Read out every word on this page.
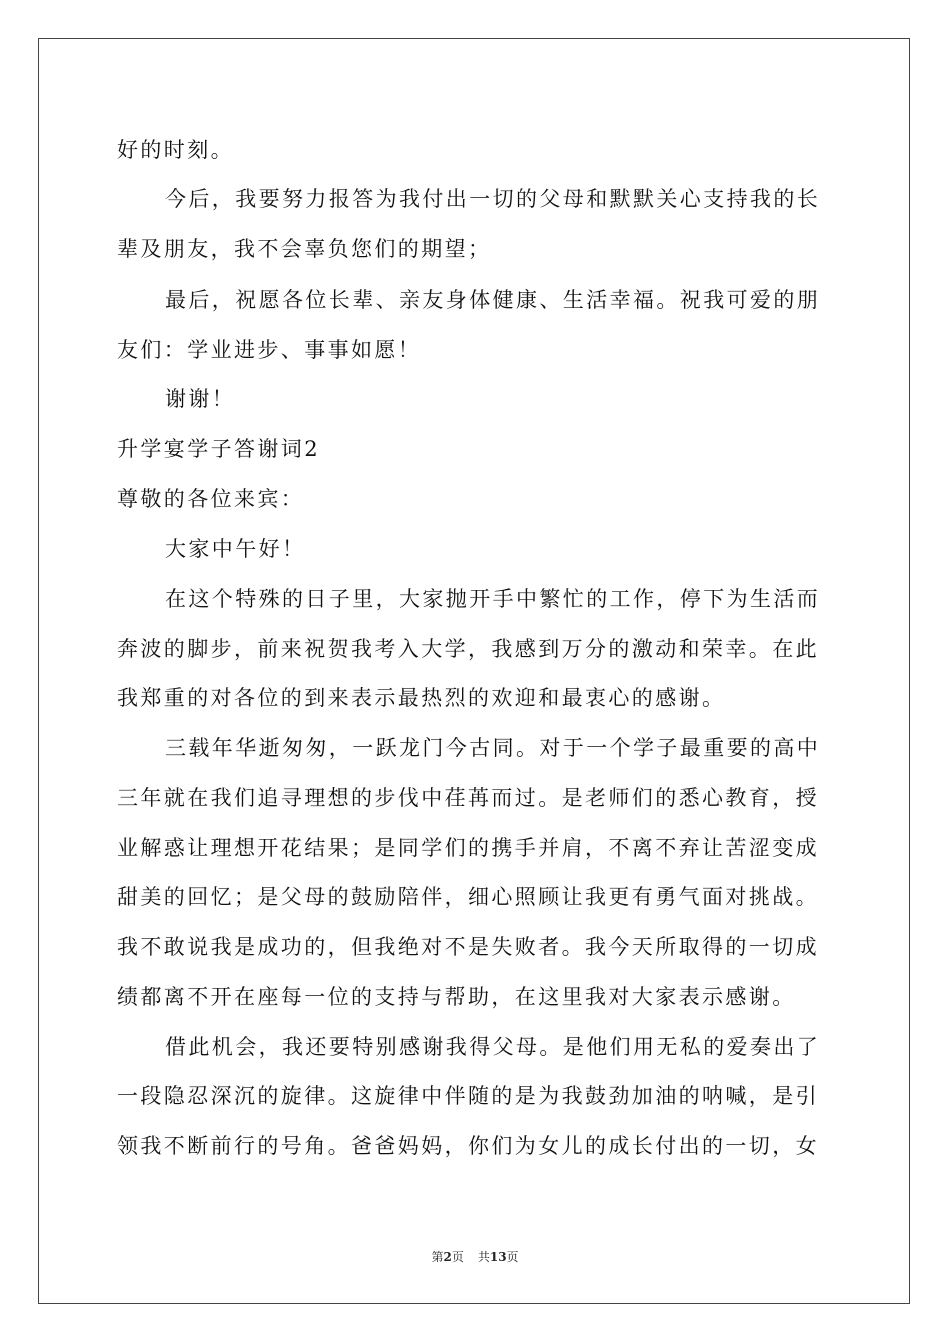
好的时刻。
今后，我要努力报答为我付出一切的父母和默默关心支持我的长
辈及朋友，我不会辜负您们的期望；
最后，祝愿各位长辈、亲友身体健康、生活幸福。祝我可爱的朋
友们：学业进步、事事如愿！
谢谢！
升学宴学子答谢词2
尊敬的各位来宾：
大家中午好！
在这个特殊的日子里，大家抛开手中繁忙的工作，停下为生活而
奔波的脚步，前来祝贺我考入大学，我感到万分的激动和荣幸。在此
我郑重的对各位的到来表示最热烈的欢迎和最衷心的感谢。
三载年华逝匆匆，一跃龙门今古同。对于一个学子最重要的高中
三年就在我们追寻理想的步伐中荏苒而过。是老师们的悉心教育，授
业解惑让理想开花结果；是同学们的携手并肩，不离不弃让苦涩变成
甜美的回忆；是父母的鼓励陪伴，细心照顾让我更有勇气面对挑战。
我不敢说我是成功的，但我绝对不是失败者。我今天所取得的一切成
绩都离不开在座每一位的支持与帮助，在这里我对大家表示感谢。
借此机会，我还要特别感谢我得父母。是他们用无私的爱奏出了
一段隐忍深沉的旋律。这旋律中伴随的是为我鼓劲加油的呐喊，是引
领我不断前行的号角。爸爸妈妈，你们为女儿的成长付出的一切，女
第2页 共13页
